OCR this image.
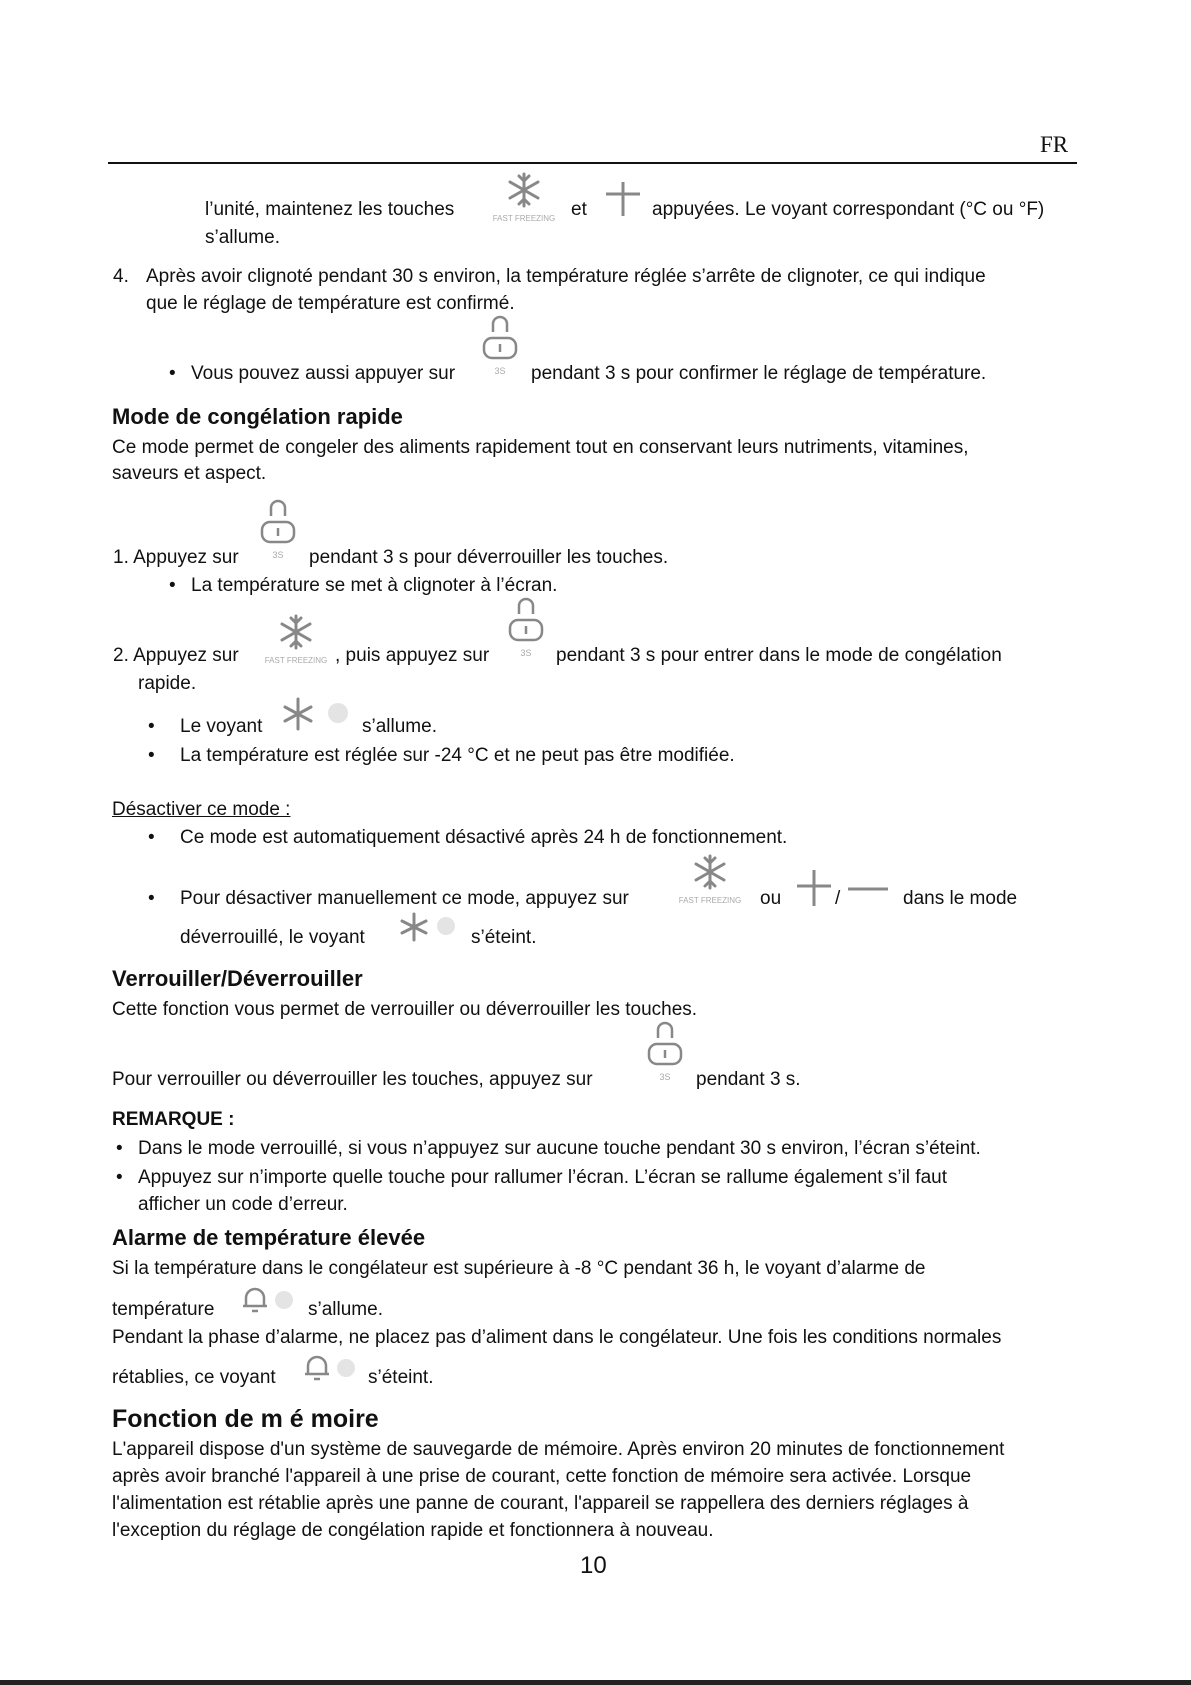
FR
l’unité, maintenez les touches	FAST FREEZING et	appuyées. Le voyant correspondant (°C ou °F)
s’allume.
4. Après avoir clignoté pendant 30 s environ, la température réglée s’arrête de clignoter, ce qui indique
que le réglage de température est confirmé.
3S
• Vous pouvez aussi appuyer sur	pendant 3 s pour confirmer le réglage de température.
Mode de congélation rapide
Ce mode permet de congeler des aliments rapidement tout en conservant leurs nutriments, vitamines,
saveurs et aspect.
3S
1. Appuyez sur	pendant 3 s pour déverrouiller les touches.
• La température se met à clignoter à l’écran.
FAST FREEZING
3S
2. Appuyez sur	, puis appuyez sur	pendant 3 s pour entrer dans le mode de congélation
rapide.
• Le voyant	s’allume.
• La température est réglée sur -24 °C et ne peut pas être modifiée.
Désactiver ce mode :
• Ce mode est automatiquement désactivé après 24 h de fonctionnement.
FAST FREEZING
• Pour désactiver manuellement ce mode, appuyez sur	ou	/	dans le mode
déverrouillé, le voyant	s’éteint.
Verrouiller/Déverrouiller
Cette fonction vous permet de verrouiller ou déverrouiller les touches.
3S
Pour verrouiller ou déverrouiller les touches, appuyez sur	pendant 3 s.
REMARQUE :
• Dans le mode verrouillé, si vous n’appuyez sur aucune touche pendant 30 s environ, l’écran s’éteint.
• Appuyez sur n’importe quelle touche pour rallumer l’écran. L’écran se rallume également s’il faut
afficher un code d’erreur.
Alarme de température élevée
Si la température dans le congélateur est supérieure à -8 °C pendant 36 h, le voyant d’alarme de
température	s’allume.
Pendant la phase d’alarme, ne placez pas d’aliment dans le congélateur. Une fois les conditions normales
rétablies, ce voyant	s’éteint.
Fonction de m é moire
L'appareil dispose d'un système de sauvegarde de mémoire. Après environ 20 minutes de fonctionnement
après avoir branché l'appareil à une prise de courant, cette fonction de mémoire sera activée. Lorsque
l'alimentation est rétablie après une panne de courant, l'appareil se rappellera des derniers réglages à
l'exception du réglage de congélation rapide et fonctionnera à nouveau.
10
